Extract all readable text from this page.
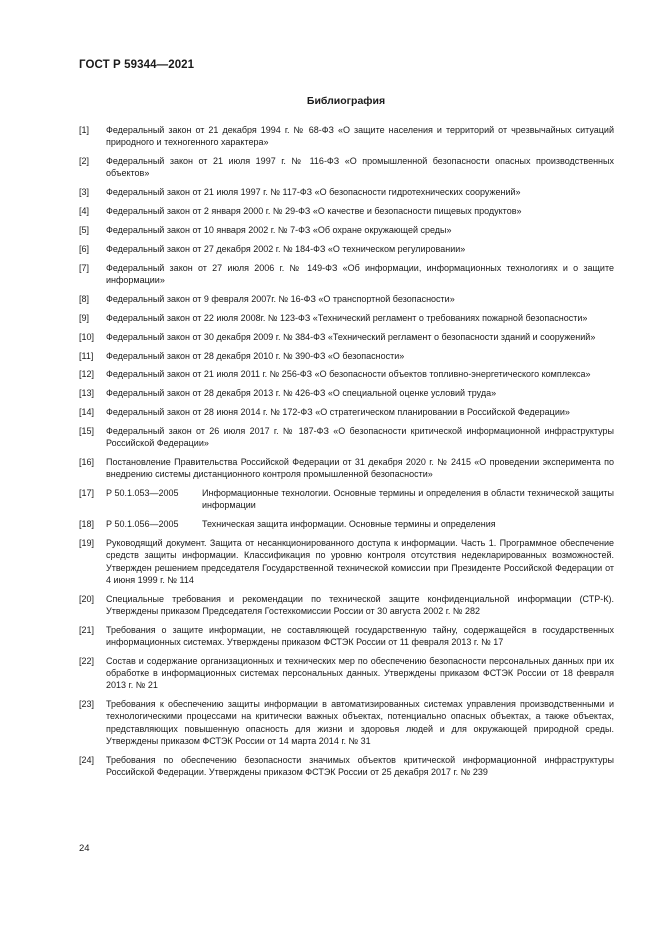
ГОСТ Р 59344—2021
Библиография
[1]	Федеральный закон от 21 декабря 1994 г. № 68-ФЗ «О защите населения и территорий от чрезвычайных ситуаций природного и техногенного характера»
[2]	Федеральный закон от 21 июля 1997 г. № 116-ФЗ «О промышленной безопасности опасных производственных объектов»
[3]	Федеральный закон от 21 июля 1997 г. № 117-ФЗ «О безопасности гидротехнических сооружений»
[4]	Федеральный закон от 2 января 2000 г. № 29-ФЗ «О качестве и безопасности пищевых продуктов»
[5]	Федеральный закон от 10 января 2002 г. № 7-ФЗ «Об охране окружающей среды»
[6]	Федеральный закон от 27 декабря 2002 г. № 184-ФЗ «О техническом регулировании»
[7]	Федеральный закон от 27 июля 2006 г. № 149-ФЗ «Об информации, информационных технологиях и о защите информации»
[8]	Федеральный закон от 9 февраля 2007г. № 16-ФЗ «О транспортной безопасности»
[9]	Федеральный закон от 22 июля 2008г. № 123-ФЗ «Технический регламент о требованиях пожарной безопасности»
[10]	Федеральный закон от 30 декабря 2009 г. № 384-ФЗ «Технический регламент о безопасности зданий и сооружений»
[11]	Федеральный закон от 28 декабря 2010 г. № 390-ФЗ «О безопасности»
[12]	Федеральный закон от 21 июля 2011 г. № 256-ФЗ «О безопасности объектов топливно-энергетического комплекса»
[13]	Федеральный закон от 28 декабря 2013 г. № 426-ФЗ «О специальной оценке условий труда»
[14]	Федеральный закон от 28 июня 2014 г. № 172-ФЗ «О стратегическом планировании в Российской Федерации»
[15]	Федеральный закон от 26 июля 2017 г. № 187-ФЗ «О безопасности критической информационной инфраструктуры Российской Федерации»
[16]	Постановление Правительства Российской Федерации от 31 декабря 2020 г. № 2415 «О проведении эксперимента по внедрению системы дистанционного контроля промышленной безопасности»
[17]	Р 50.1.053—2005	Информационные технологии. Основные термины и определения в области технической защиты информации
[18]	Р 50.1.056—2005	Техническая защита информации. Основные термины и определения
[19]	Руководящий документ. Защита от несанкционированного доступа к информации. Часть 1. Программное обеспечение средств защиты информации. Классификация по уровню контроля отсутствия недекларированных возможностей. Утвержден решением председателя Государственной технической комиссии при Президенте Российской Федерации от 4 июня 1999 г. № 114
[20]	Специальные требования и рекомендации по технической защите конфиденциальной информации (СТР-К). Утверждены приказом Председателя Гостехкомиссии России от 30 августа 2002 г. № 282
[21]	Требования о защите информации, не составляющей государственную тайну, содержащейся в государственных информационных системах. Утверждены приказом ФСТЭК России от 11 февраля 2013 г. № 17
[22]	Состав и содержание организационных и технических мер по обеспечению безопасности персональных данных при их обработке в информационных системах персональных данных. Утверждены приказом ФСТЭК России от 18 февраля 2013 г. № 21
[23]	Требования к обеспечению защиты информации в автоматизированных системах управления производственными и технологическими процессами на критически важных объектах, потенциально опасных объектах, а также объектах, представляющих повышенную опасность для жизни и здоровья людей и для окружающей природной среды. Утверждены приказом ФСТЭК России от 14 марта 2014 г. № 31
[24]	Требования по обеспечению безопасности значимых объектов критической информационной инфраструктуры Российской Федерации. Утверждены приказом ФСТЭК России от 25 декабря 2017 г. № 239
24
